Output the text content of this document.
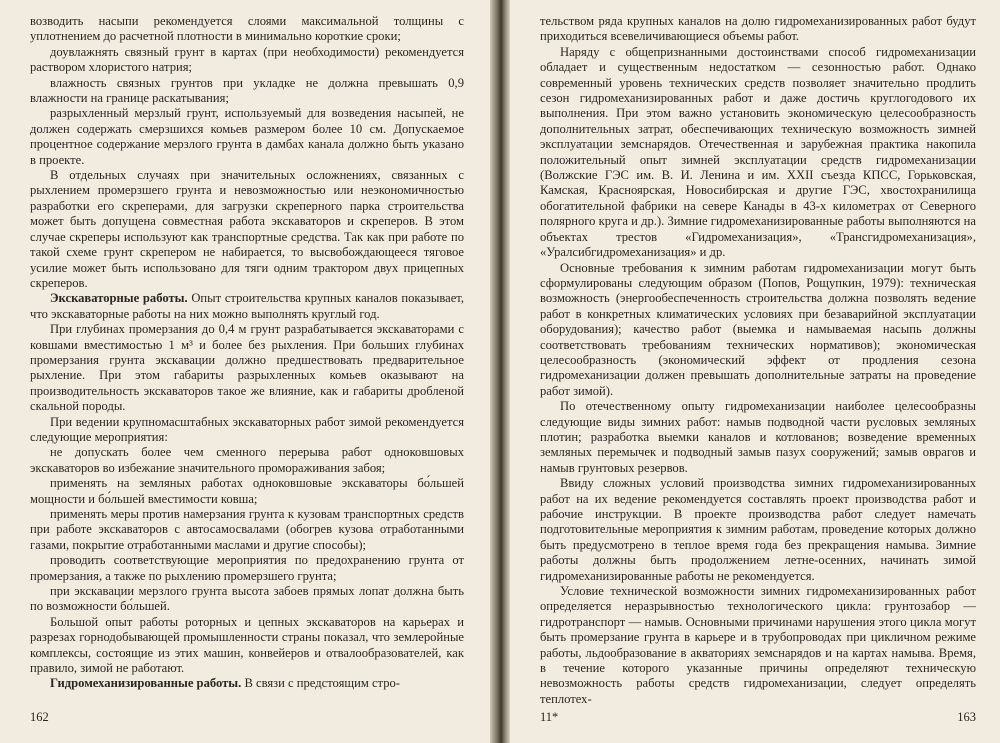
возводить насыпи рекомендуется слоями максимальной толщины с уплотнением до расчетной плотности в минимально короткие сроки;

доувлажнять связный грунт в картах (при необходимости) рекомендуется раствором хлористого натрия;

влажность связных грунтов при укладке не должна превышать 0,9 влажности на границе раскатывания;

разрыхленный мерзлый грунт, используемый для возведения насыпей, не должен содержать смерзшихся комьев размером более 10 см. Допускаемое процентное содержание мерзлого грунта в дамбах канала должно быть указано в проекте.

В отдельных случаях при значительных осложнениях, связанных с рыхлением промерзшего грунта и невозможностью или неэкономичностью разработки его скреперами, для загрузки скреперного парка строительства может быть допущена совместная работа экскаваторов и скреперов. В этом случае скреперы используют как транспортные средства. Так как при работе по такой схеме грунт скрепером не набирается, то высвобождающееся тяговое усилие может быть использовано для тяги одним трактором двух прицепных скреперов.

Экскаваторные работы. Опыт строительства крупных каналов показывает, что экскаваторные работы на них можно выполнять круглый год.

При глубинах промерзания до 0,4 м грунт разрабатывается экскаваторами с ковшами вместимостью 1 м³ и более без рыхления. При больших глубинах промерзания грунта экскавации должно предшествовать предварительное рыхление. При этом габариты разрыхленных комьев оказывают на производительность экскаваторов такое же влияние, как и габариты дробленой скальной породы.

При ведении крупномасштабных экскаваторных работ зимой рекомендуется следующие мероприятия:

не допускать более чем сменного перерыва работ одноковшовых экскаваторов во избежание значительного промораживания забоя;

применять на земляных работах одноковшовые экскаваторы бо́льшей мощности и бо́льшей вместимости ковша;

применять меры против намерзания грунта к кузовам транспортных средств при работе экскаваторов с автосамосвалами (обогрев кузова отработанными газами, покрытие отработанными маслами и другие способы);

проводить соответствующие мероприятия по предохранению грунта от промерзания, а также по рыхлению промерзшего грунта;

при экскавации мерзлого грунта высота забоев прямых лопат должна быть по возможности бо́льшей.

Большой опыт работы роторных и цепных экскаваторов на карьерах и разрезах горнодобывающей промышленности страны показал, что землеройные комплексы, состоящие из этих машин, конвейеров и отвалообразователей, как правило, зимой не работают.

Гидромеханизированные работы. В связи с предстоящим стро-

162

тельством ряда крупных каналов на долю гидромеханизированных работ будут приходиться всевеличивающиеся объемы работ.

Наряду с общепризнанными достоинствами способ гидромеханизации обладает и существенным недостатком — сезонностью работ. Однако современный уровень технических средств позволяет значительно продлить сезон гидромеханизированных работ и даже достичь круглогодового их выполнения. При этом важно установить экономическую целесообразность дополнительных затрат, обеспечивающих техническую возможность зимней эксплуатации земснарядов. Отечественная и зарубежная практика накопила положительный опыт зимней эксплуатации средств гидромеханизации (Волжские ГЭС им. В. И. Ленина и им. XXII съезда КПСС, Горьковская, Камская, Красноярская, Новосибирская и другие ГЭС, хвостохранилища обогатительной фабрики на севере Канады в 43-х километрах от Северного полярного круга и др.). Зимние гидромеханизированные работы выполняются на объектах трестов «Гидромеханизация», «Трансгидромеханизация», «Уралсибгидромеханизация» и др.

Основные требования к зимним работам гидромеханизации могут быть сформулированы следующим образом (Попов, Рощупкин, 1979): техническая возможность (энергообеспеченность строительства должна позволять ведение работ в конкретных климатических условиях при безаварийной эксплуатации оборудования); качество работ (выемка и намываемая насыпь должны соответствовать требованиям технических нормативов); экономическая целесообразность (экономический эффект от продления сезона гидромеханизации должен превышать дополнительные затраты на проведение работ зимой).

По отечественному опыту гидромеханизации наиболее целесообразны следующие виды зимних работ: намыв подводной части русловых земляных плотин; разработка выемки каналов и котлованов; возведение временных земляных перемычек и подводный замыв пазух сооружений; замыв оврагов и намыв грунтовых резервов.

Ввиду сложных условий производства зимних гидромеханизированных работ на их ведение рекомендуется составлять проект производства работ и рабочие инструкции. В проекте производства работ следует намечать подготовительные мероприятия к зимним работам, проведение которых должно быть предусмотрено в теплое время года без прекращения намыва. Зимние работы должны быть продолжением летне-осенних, начинать зимой гидромеханизированные работы не рекомендуется.

Условие технической возможности зимних гидромеханизированных работ определяется неразрывностью технологического цикла: грунтозабор — гидротранспорт — намыв. Основными причинами нарушения этого цикла могут быть промерзание грунта в карьере и в трубопроводах при цикличном режиме работы, льдообразование в акваториях земснарядов и на картах намыва. Время, в течение которого указанные причины определяют техническую невозможность работы средств гидромеханизации, следует определять теплотех-

11*	163
